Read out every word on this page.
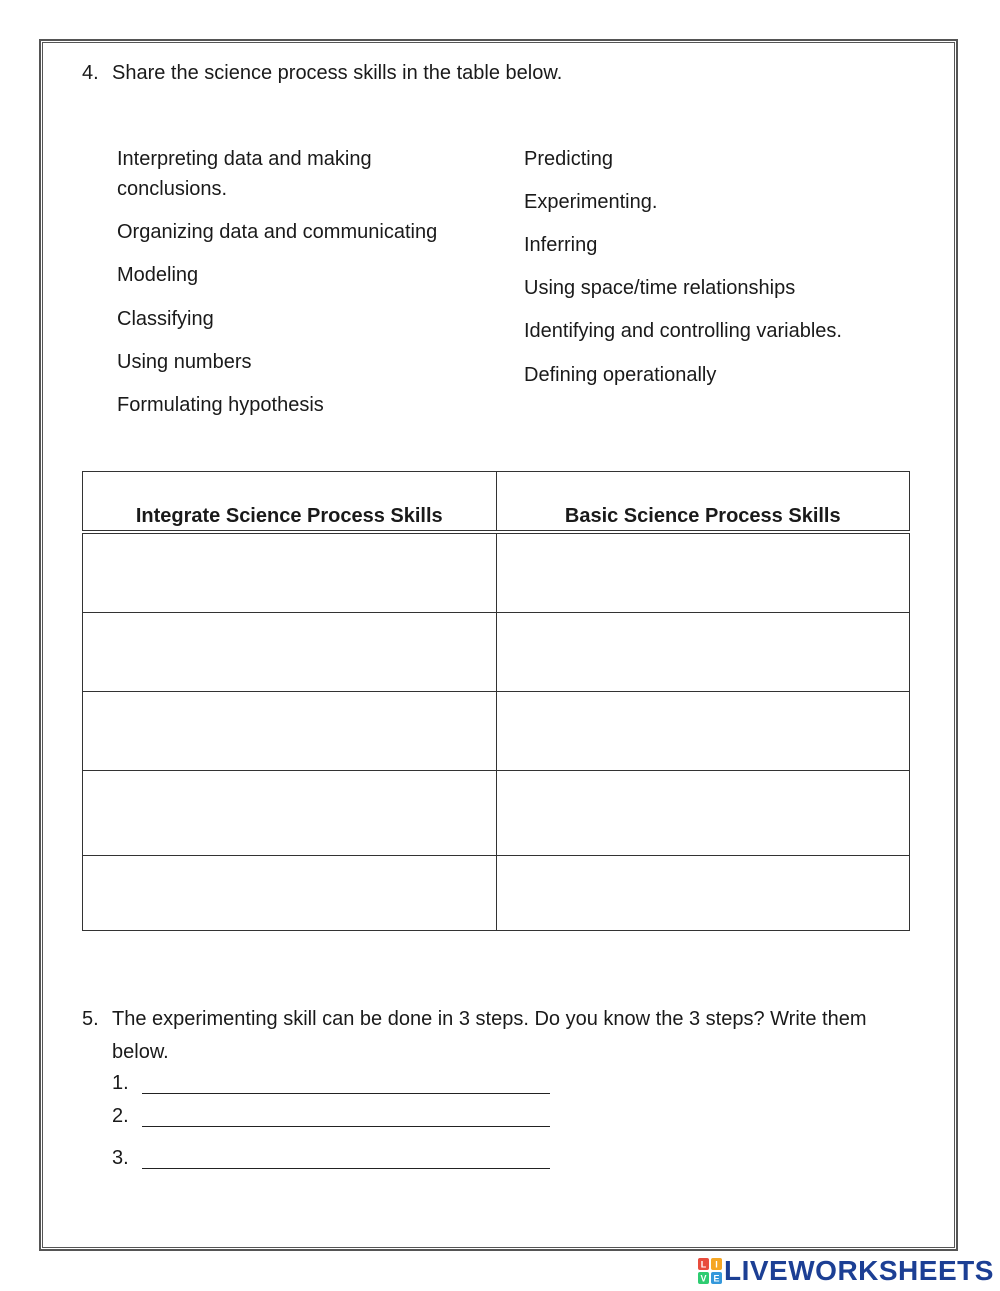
4. Share the science process skills in the table below.
Interpreting data and making
conclusions.
Organizing data and communicating
Modeling
Classifying
Using numbers
Formulating hypothesis
Predicting
Experimenting.
Inferring
Using space/time relationships
Identifying and controlling variables.
Defining operationally
Integrate Science Process Skills	Basic Science Process Skills

5. The experimenting skill can be done in 3 steps. Do you know the 3 steps? Write them
below.
1.
2.
3.
L I
V E LIVEWORKSHEETS
